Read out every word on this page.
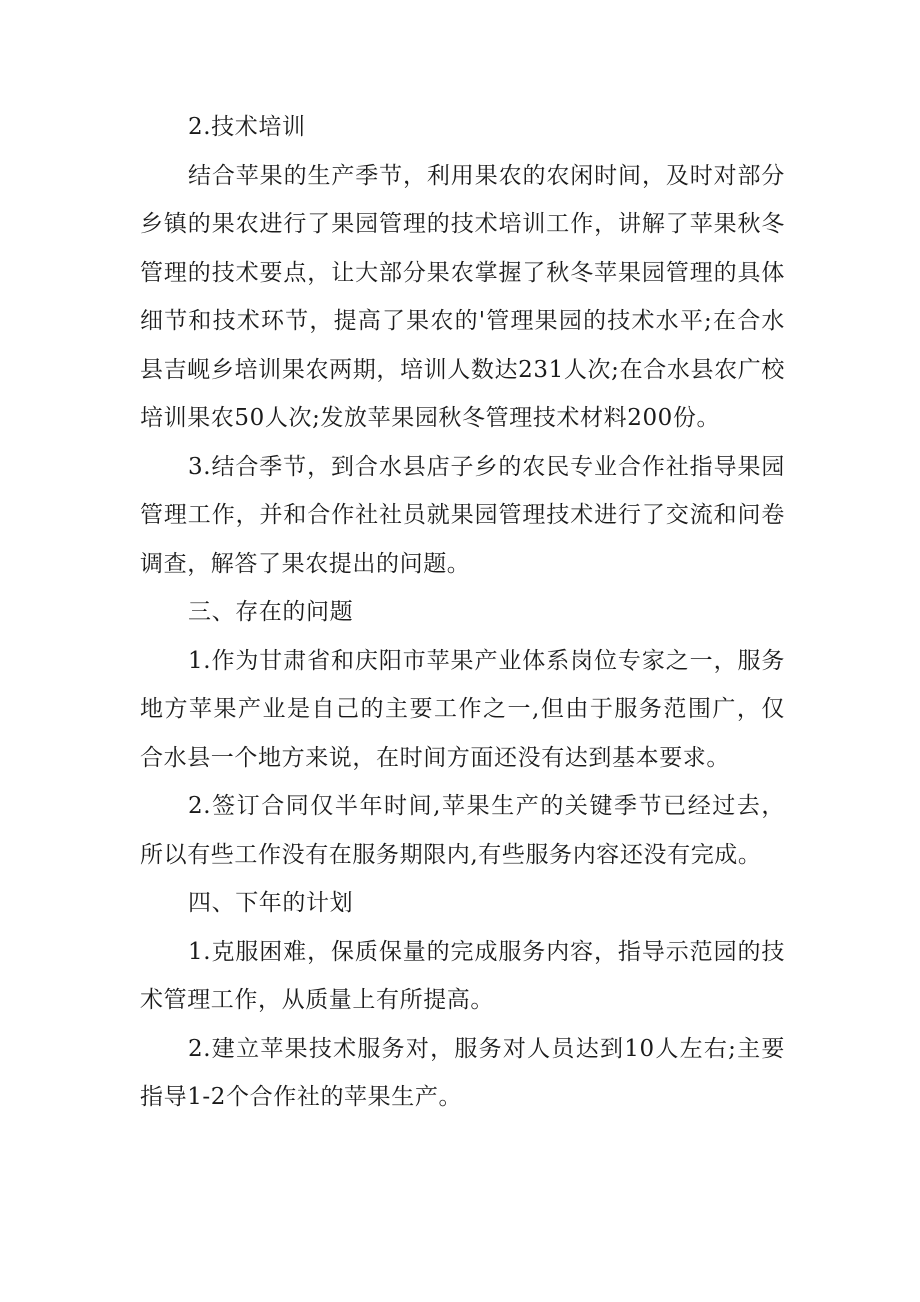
2.技术培训

结合苹果的生产季节，利用果农的农闲时间，及时对部分乡镇的果农进行了果园管理的技术培训工作，讲解了苹果秋冬管理的技术要点，让大部分果农掌握了秋冬苹果园管理的具体细节和技术环节，提高了果农的'管理果园的技术水平;在合水县吉岘乡培训果农两期，培训人数达231人次;在合水县农广校培训果农50人次;发放苹果园秋冬管理技术材料200份。

3.结合季节，到合水县店子乡的农民专业合作社指导果园管理工作，并和合作社社员就果园管理技术进行了交流和问卷调查，解答了果农提出的问题。

三、存在的问题

1.作为甘肃省和庆阳市苹果产业体系岗位专家之一，服务地方苹果产业是自己的主要工作之一,但由于服务范围广，仅合水县一个地方来说，在时间方面还没有达到基本要求。

2.签订合同仅半年时间,苹果生产的关键季节已经过去，所以有些工作没有在服务期限内,有些服务内容还没有完成。

四、下年的计划

1.克服困难，保质保量的完成服务内容，指导示范园的技术管理工作，从质量上有所提高。

2.建立苹果技术服务对，服务对人员达到10人左右;主要指导1-2个合作社的苹果生产。
